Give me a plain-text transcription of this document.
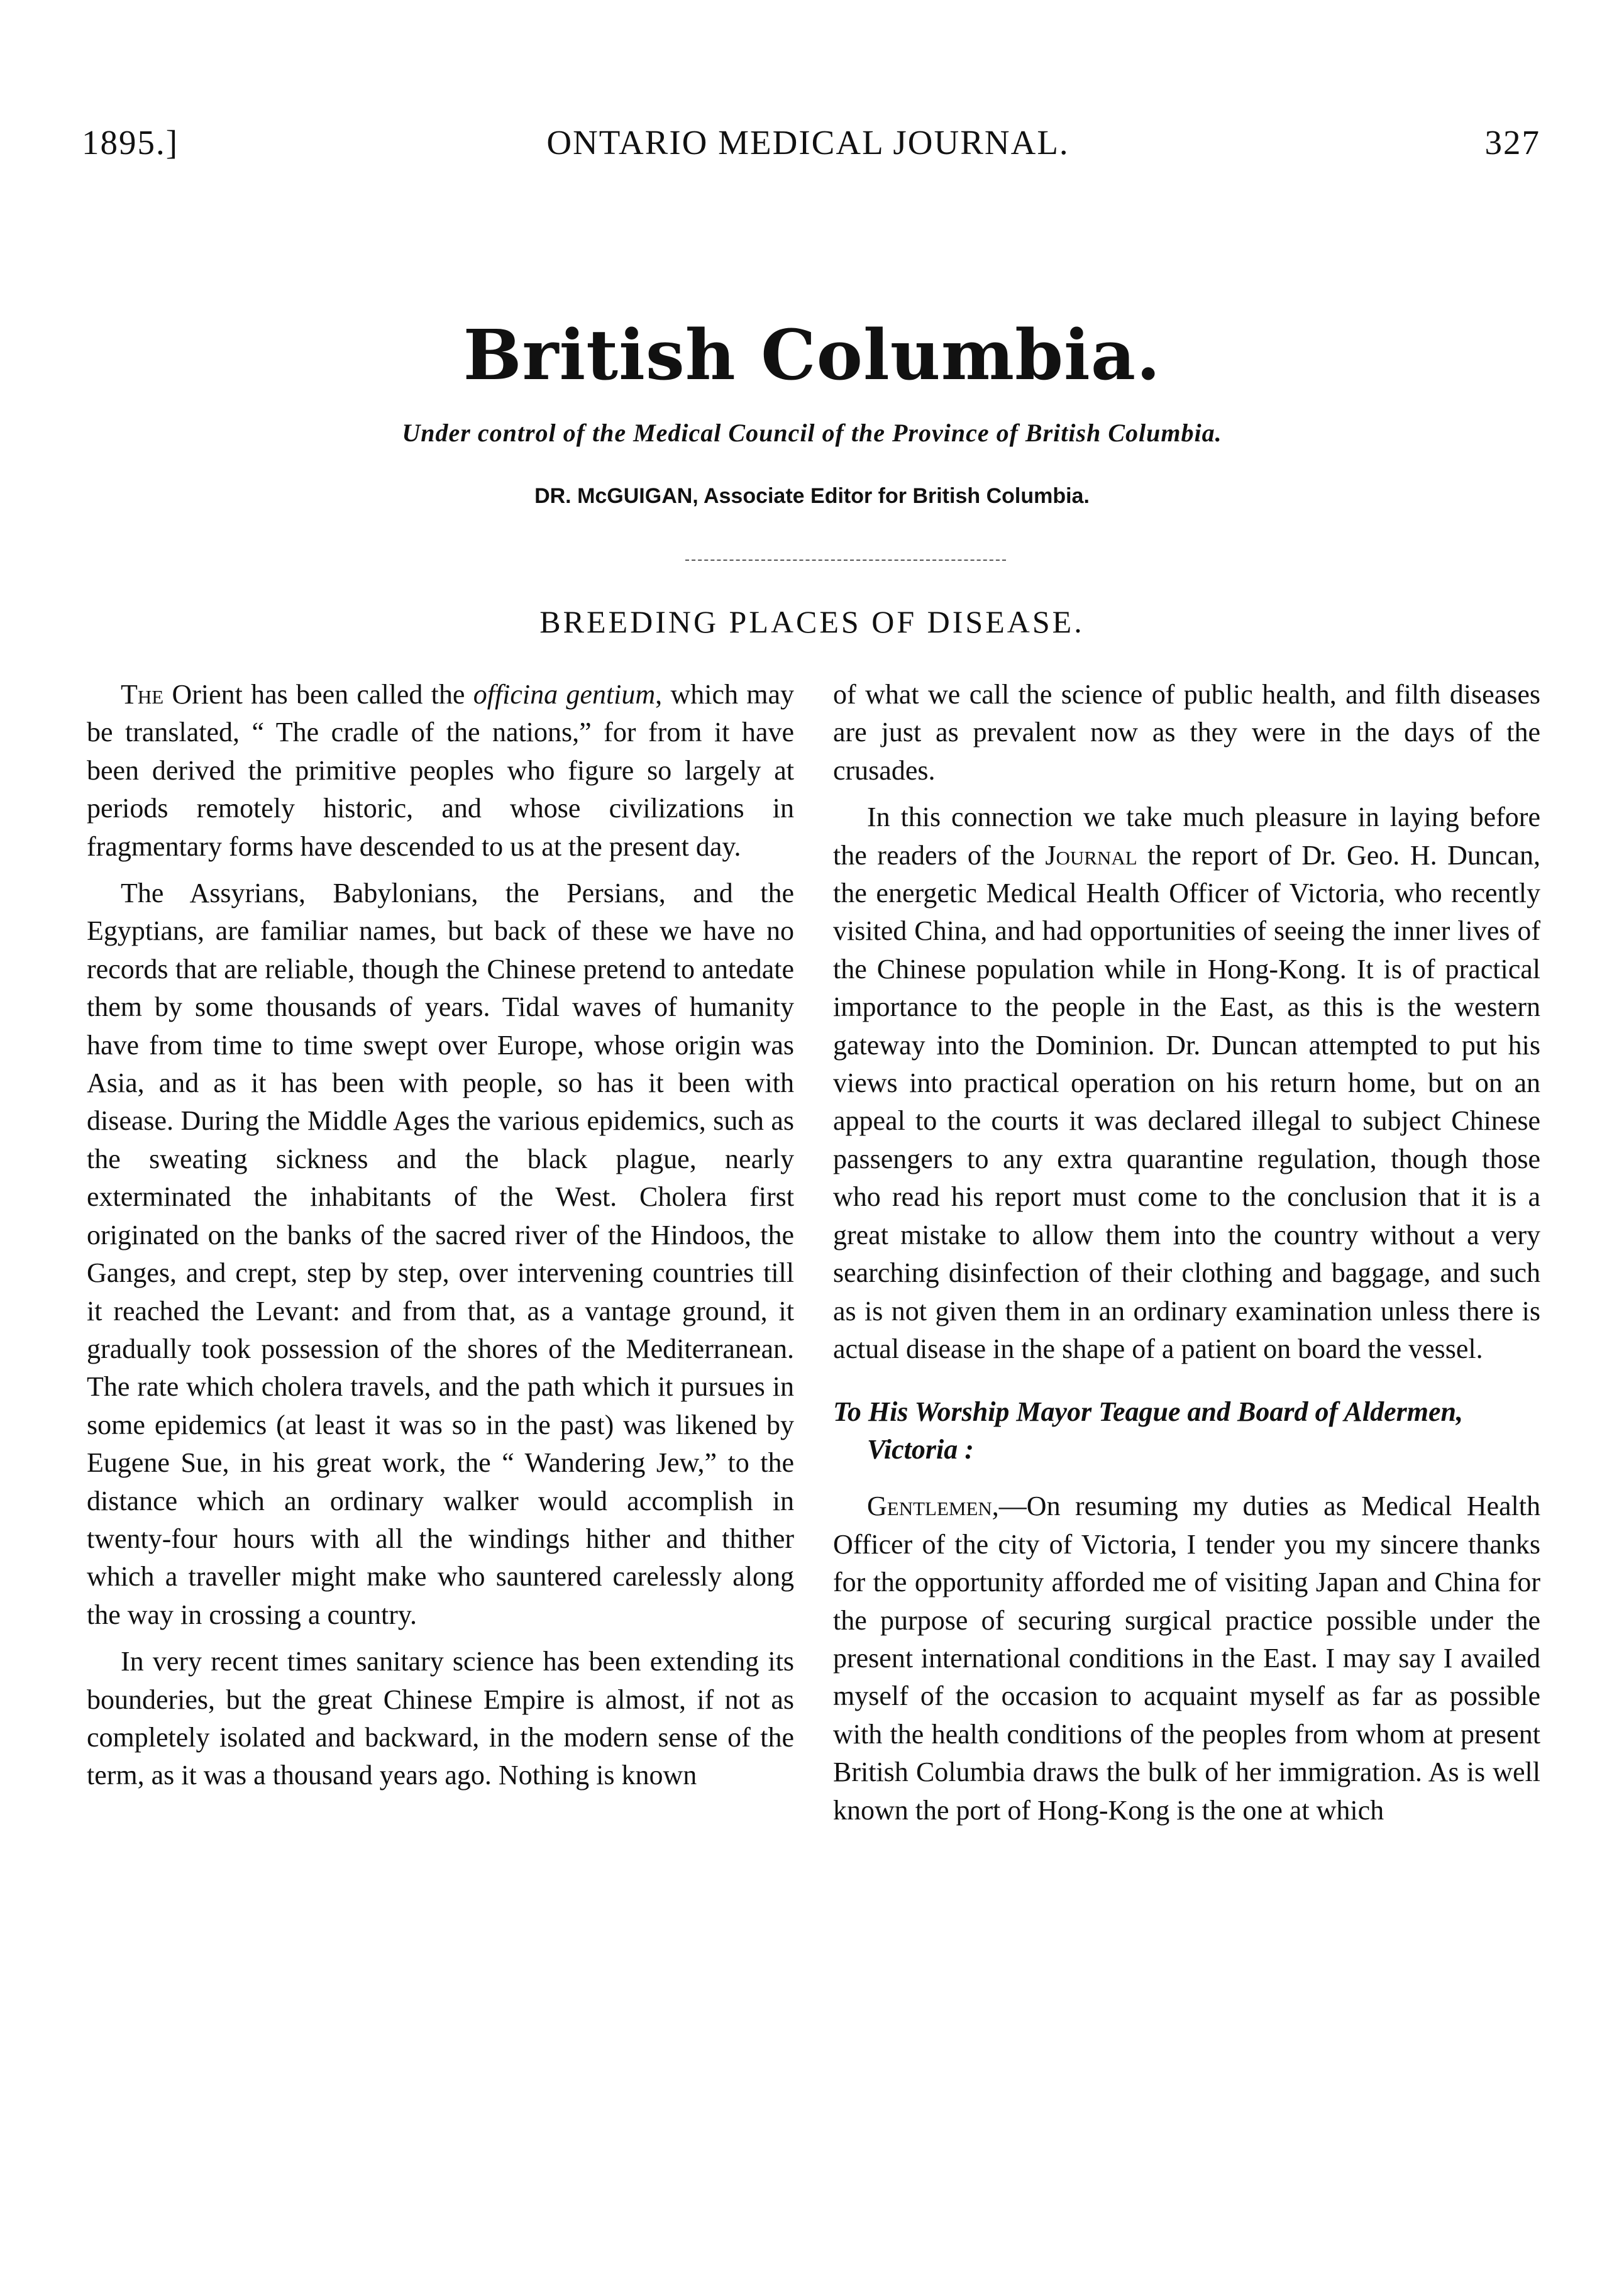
1895.]	ONTARIO MEDICAL JOURNAL.	327
British Columbia.
Under control of the Medical Council of the Province of British Columbia.
DR. McGUIGAN, Associate Editor for British Columbia.
BREEDING PLACES OF DISEASE.

The Orient has been called the officina gentium, which may be translated, “ The cradle of the nations,” for from it have been derived the primitive peoples who figure so largely at periods remotely historic, and whose civilizations in fragmentary forms have descended to us at the present day.

The Assyrians, Babylonians, the Persians, and the Egyptians, are familiar names, but back of these we have no records that are reliable, though the Chinese pretend to antedate them by some thousands of years. Tidal waves of humanity have from time to time swept over Europe, whose origin was Asia, and as it has been with people, so has it been with disease. During the Middle Ages the various epidemics, such as the sweating sickness and the black plague, nearly exterminated the inhabitants of the West. Cholera first originated on the banks of the sacred river of the Hindoos, the Ganges, and crept, step by step, over intervening countries till it reached the Levant: and from that, as a vantage ground, it gradually took possession of the shores of the Mediterranean. The rate which cholera travels, and the path which it pursues in some epidemics (at least it was so in the past) was likened by Eugene Sue, in his great work, the “ Wandering Jew,” to the distance which an ordinary walker would accomplish in twenty-four hours with all the windings hither and thither which a traveller might make who sauntered carelessly along the way in crossing a country.

In very recent times sanitary science has been extending its bounderies, but the great Chinese Empire is almost, if not as completely isolated and backward, in the modern sense of the term, as it was a thousand years ago. Nothing is known

of what we call the science of public health, and filth diseases are just as prevalent now as they were in the days of the crusades.

In this connection we take much pleasure in laying before the readers of the Journal the report of Dr. Geo. H. Duncan, the energetic Medical Health Officer of Victoria, who recently visited China, and had opportunities of seeing the inner lives of the Chinese population while in Hong-Kong. It is of practical importance to the people in the East, as this is the western gateway into the Dominion. Dr. Duncan attempted to put his views into practical operation on his return home, but on an appeal to the courts it was declared illegal to subject Chinese passengers to any extra quarantine regulation, though those who read his report must come to the conclusion that it is a great mistake to allow them into the country without a very searching disinfection of their clothing and baggage, and such as is not given them in an ordinary examination unless there is actual disease in the shape of a patient on board the vessel.

To His Worship Mayor Teague and Board of Aldermen, Victoria :

Gentlemen,—On resuming my duties as Medical Health Officer of the city of Victoria, I tender you my sincere thanks for the opportunity afforded me of visiting Japan and China for the purpose of securing surgical practice possible under the present international conditions in the East. I may say I availed myself of the occasion to acquaint myself as far as possible with the health conditions of the peoples from whom at present British Columbia draws the bulk of her immigration. As is well known the port of Hong-Kong is the one at which
